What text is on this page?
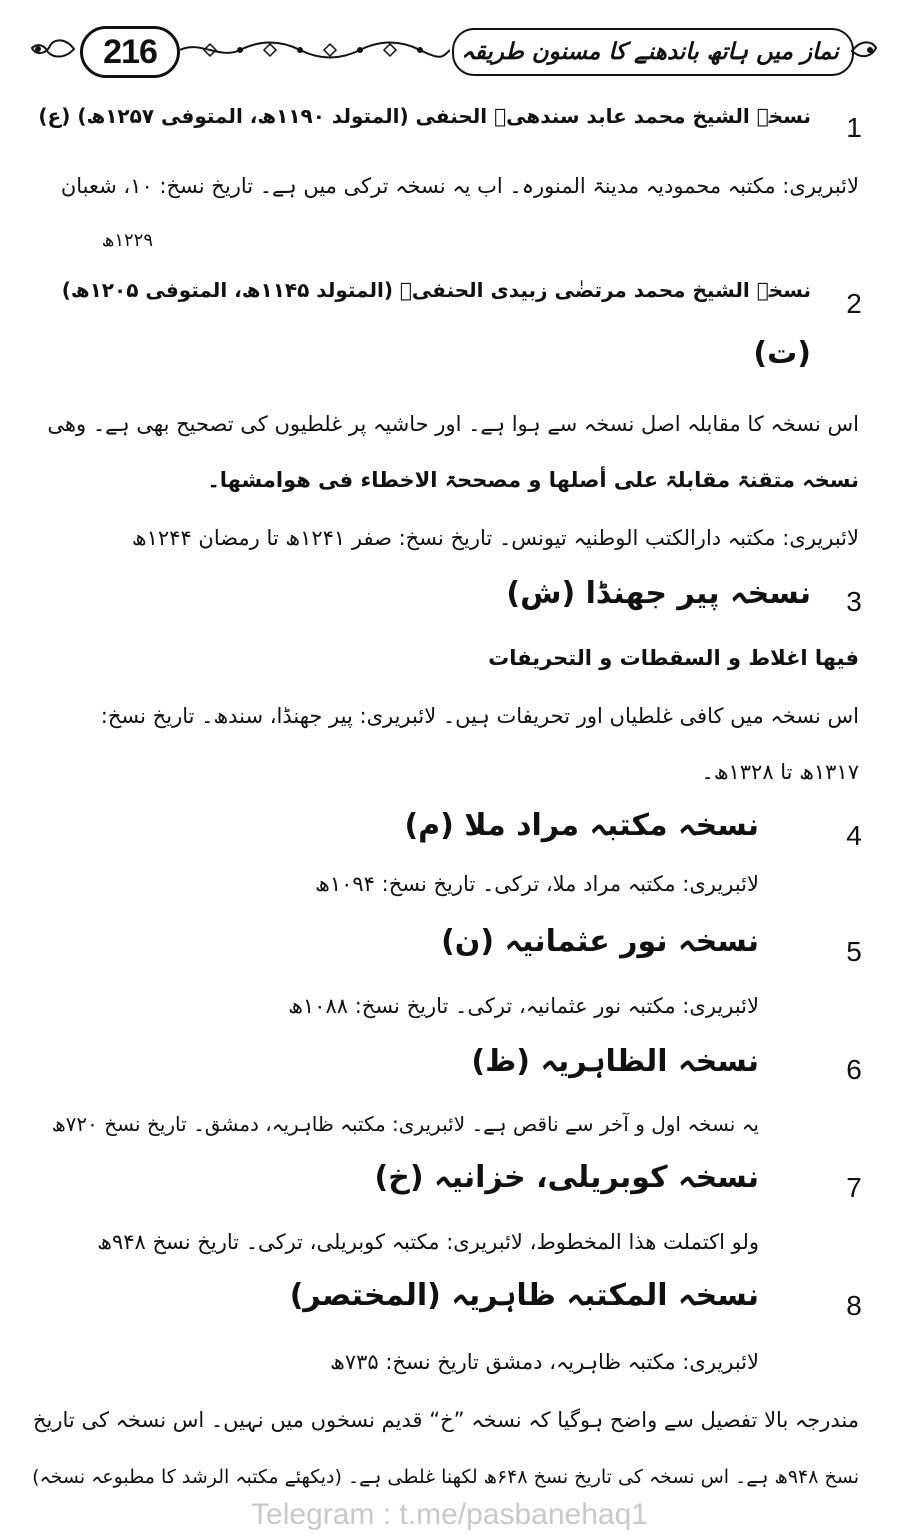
216	نماز میں ہاتھ باندھنے کا مسنون طریقہ
1
نسخہ الشیخ محمد عابد سندھیؒ الحنفی (المتولد ۱۱۹۰ھ، المتوفی ۱۲۵۷ھ) (ع)
لائبریری: مکتبہ محمودیہ مدینۃ المنورہ۔ اب یہ نسخہ ترکی میں ہے۔ تاریخ نسخ: ۱۰، شعبان
۱۲۲۹ھ
2
نسخہ الشیخ محمد مرتضٰی زبیدی الحنفیؒ (المتولد ۱۱۴۵ھ، المتوفی ۱۲۰۵ھ)
(ت)
اس نسخہ کا مقابلہ اصل نسخہ سے ہوا ہے۔ اور حاشیہ پر غلطیوں کی تصحیح بھی ہے۔ وھی
نسخہ متقنۃ مقابلۃ علی أصلھا و مصححۃ الاخطاء فی ھوامشھا۔
لائبریری: مکتبہ دارالکتب الوطنیہ تیونس۔ تاریخ نسخ: صفر ۱۲۴۱ھ تا رمضان ۱۲۴۴ھ
3
نسخہ پیر جھنڈا (ش)
فیھا اغلاط و السقطات و التحریفات
اس نسخہ میں کافی غلطیاں اور تحریفات ہیں۔ لائبریری: پیر جھنڈا، سندھ۔ تاریخ نسخ:
۱۳۱۷ھ تا ۱۳۲۸ھ۔
4
نسخہ مکتبہ مراد ملا (م)
لائبریری: مکتبہ مراد ملا، ترکی۔ تاریخ نسخ: ۱۰۹۴ھ
5
نسخہ نور عثمانیہ (ن)
لائبریری: مکتبہ نور عثمانیہ، ترکی۔ تاریخ نسخ: ۱۰۸۸ھ
6
نسخہ الظاہریہ (ظ)
یہ نسخہ اول و آخر سے ناقص ہے۔ لائبریری: مکتبہ ظاہریہ، دمشق۔ تاریخ نسخ ۷۲۰ھ
7
نسخہ کوبریلی، خزانیہ (خ)
ولو اکتملت ھذا المخطوط، لائبریری: مکتبہ کوبریلی، ترکی۔ تاریخ نسخ ۹۴۸ھ
8
نسخہ المکتبہ ظاہریہ (المختصر)
لائبریری: مکتبہ ظاہریہ، دمشق تاریخ نسخ: ۷۳۵ھ
مندرجہ بالا تفصیل سے واضح ہوگیا کہ نسخہ ”خ“ قدیم نسخوں میں نہیں۔ اس نسخہ کی تاریخ
نسخ ۹۴۸ھ ہے۔ اس نسخہ کی تاریخ نسخ ۶۴۸ھ لکھنا غلطی ہے۔ (دیکھئے مکتبہ الرشد کا مطبوعہ نسخہ)
Telegram : t.me/pasbanehaq1
